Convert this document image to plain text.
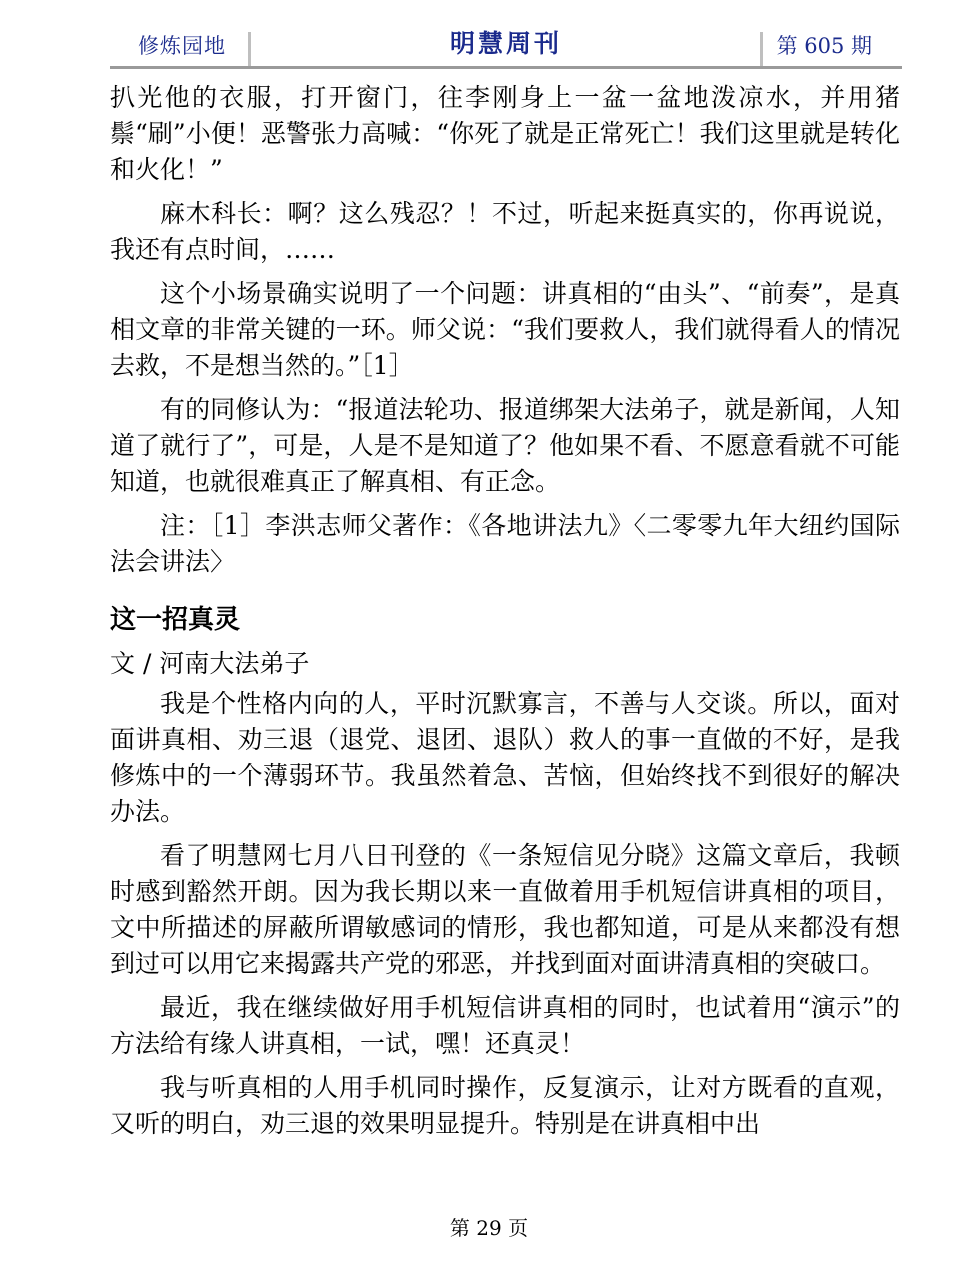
修炼园地	明慧周刊	第 605 期

扒光他的衣服，打开窗门，往李刚身上一盆一盆地泼凉水，并用猪鬃“刷”小便！恶警张力高喊：“你死了就是正常死亡！我们这里就是转化和火化！”

麻木科长：啊？这么残忍？！不过，听起来挺真实的，你再说说，我还有点时间，……

这个小场景确实说明了一个问题：讲真相的“由头”、“前奏”，是真相文章的非常关键的一环。师父说：“我们要救人，我们就得看人的情况去救，不是想当然的。”［1］

有的同修认为：“报道法轮功、报道绑架大法弟子，就是新闻，人知道了就行了”，可是，人是不是知道了？他如果不看、不愿意看就不可能知道，也就很难真正了解真相、有正念。

注：［1］李洪志师父著作：《各地讲法九》〈二零零九年大纽约国际法会讲法〉

这一招真灵

文 / 河南大法弟子

我是个性格内向的人，平时沉默寡言，不善与人交谈。所以，面对面讲真相、劝三退（退党、退团、退队）救人的事一直做的不好，是我修炼中的一个薄弱环节。我虽然着急、苦恼，但始终找不到很好的解决办法。

看了明慧网七月八日刊登的《一条短信见分晓》这篇文章后，我顿时感到豁然开朗。因为我长期以来一直做着用手机短信讲真相的项目，文中所描述的屏蔽所谓敏感词的情形，我也都知道，可是从来都没有想到过可以用它来揭露共产党的邪恶，并找到面对面讲清真相的突破口。

最近，我在继续做好用手机短信讲真相的同时，也试着用“演示”的方法给有缘人讲真相，一试，嘿！还真灵！

我与听真相的人用手机同时操作，反复演示，让对方既看的直观，又听的明白，劝三退的效果明显提升。特别是在讲真相中出

第 29 页
